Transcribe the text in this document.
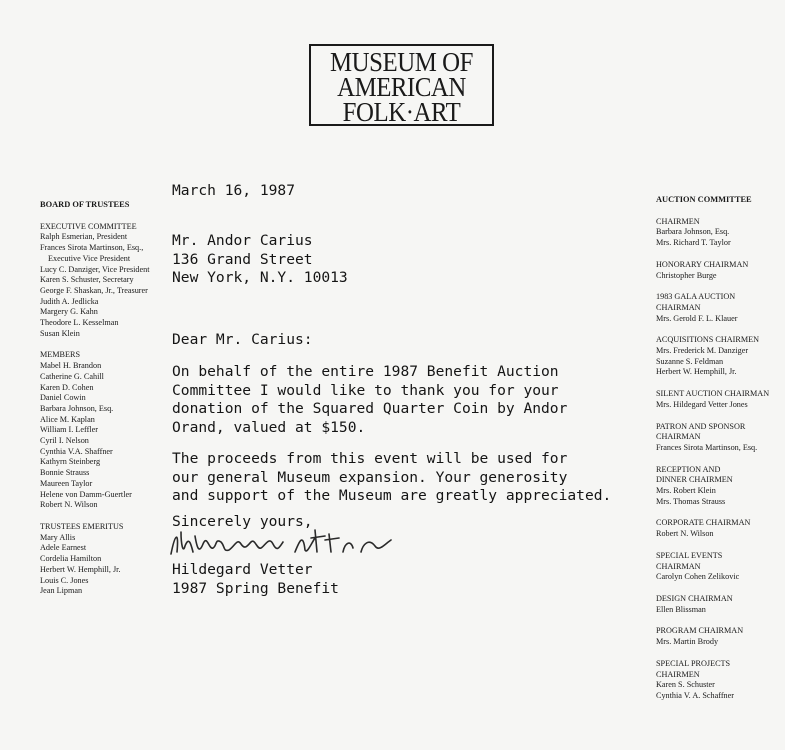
MUSEUM OF
AMERICAN
FOLK·ART
BOARD OF TRUSTEES
EXECUTIVE COMMITTEE
Ralph Esmerian, President
Frances Sirota Martinson, Esq.,
Executive Vice President
Lucy C. Danziger, Vice President
Karen S. Schuster, Secretary
George F. Shaskan, Jr., Treasurer
Judith A. Jedlicka
Margery G. Kahn
Theodore L. Kesselman
Susan Klein
MEMBERS
Mabel H. Brandon
Catherine G. Cahill
Karen D. Cohen
Daniel Cowin
Barbara Johnson, Esq.
Alice M. Kaplan
William I. Leffler
Cyril I. Nelson
Cynthia V.A. Shaffner
Kathyrn Steinberg
Bonnie Strauss
Maureen Taylor
Helene von Damm-Guertler
Robert N. Wilson
TRUSTEES EMERITUS
Mary Allis
Adele Earnest
Cordelia Hamilton
Herbert W. Hemphill, Jr.
Louis C. Jones
Jean Lipman
AUCTION COMMITTEE
CHAIRMEN
Barbara Johnson, Esq.
Mrs. Richard T. Taylor
HONORARY CHAIRMAN
Christopher Burge
1983 GALA AUCTION
CHAIRMAN
Mrs. Gerold F. L. Klauer
ACQUISITIONS CHAIRMEN
Mrs. Frederick M. Danziger
Suzanne S. Feldman
Herbert W. Hemphill, Jr.
SILENT AUCTION CHAIRMAN
Mrs. Hildegard Vetter Jones
PATRON AND SPONSOR
CHAIRMAN
Frances Sirota Martinson, Esq.
RECEPTION AND
DINNER CHAIRMEN
Mrs. Robert Klein
Mrs. Thomas Strauss
CORPORATE CHAIRMAN
Robert N. Wilson
SPECIAL EVENTS
CHAIRMAN
Carolyn Cohen Zelikovic
DESIGN CHAIRMAN
Ellen Blissman
PROGRAM CHAIRMAN
Mrs. Martin Brody
SPECIAL PROJECTS
CHAIRMEN
Karen S. Schuster
Cynthia V. A. Schaffner
March 16, 1987
Mr. Andor Carius
136 Grand Street
New York, N.Y. 10013
Dear Mr. Carius:
On behalf of the entire 1987 Benefit Auction
Committee I would like to thank you for your
donation of the Squared Quarter Coin by Andor
Orand, valued at $150.
The proceeds from this event will be used for
our general Museum expansion. Your generosity
and support of the Museum are greatly appreciated.
Sincerely yours,
Hildegard Vetter
1987 Spring Benefit
